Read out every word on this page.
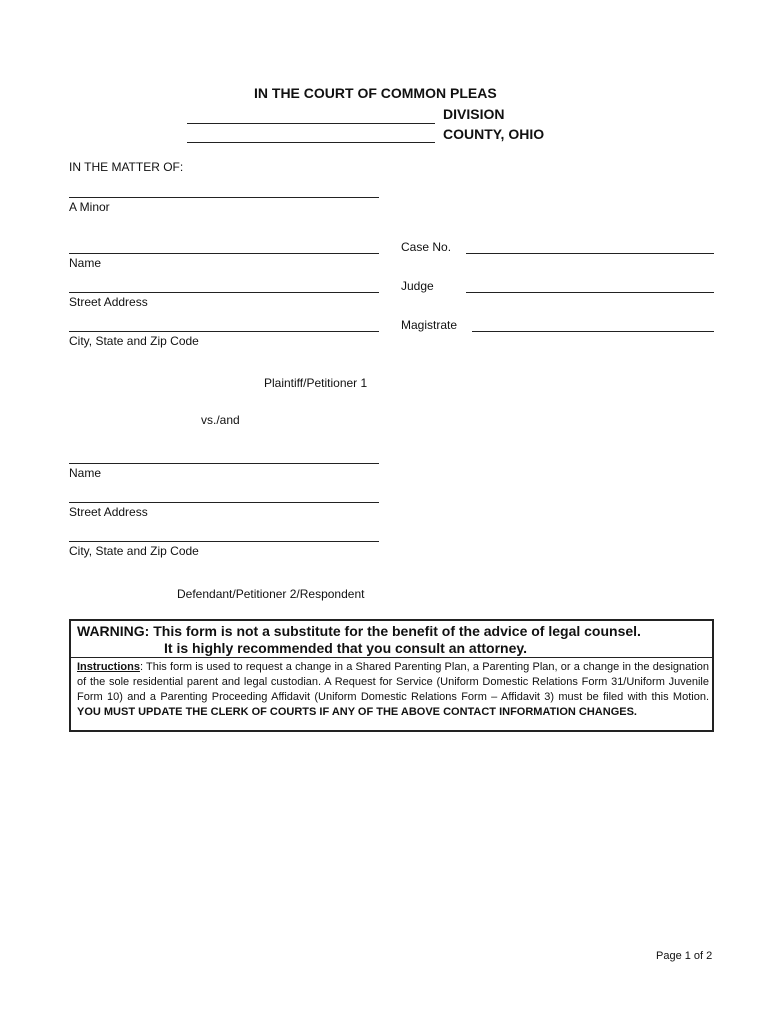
IN THE COURT OF COMMON PLEAS
DIVISION
COUNTY, OHIO
IN THE MATTER OF:
A Minor
Name
Street Address
City, State and Zip Code
Plaintiff/Petitioner 1
Case No.
Judge
Magistrate
vs./and
Name
Street Address
City, State and Zip Code
Defendant/Petitioner 2/Respondent
WARNING: This form is not a substitute for the benefit of the advice of legal counsel.
It is highly recommended that you consult an attorney.
Instructions: This form is used to request a change in a Shared Parenting Plan, a Parenting Plan, or a change in the designation of the sole residential parent and legal custodian. A Request for Service (Uniform Domestic Relations Form 31/Uniform Juvenile Form 10) and a Parenting Proceeding Affidavit (Uniform Domestic Relations Form – Affidavit 3) must be filed with this Motion. YOU MUST UPDATE THE CLERK OF COURTS IF ANY OF THE ABOVE CONTACT INFORMATION CHANGES.
Page 1 of 2
